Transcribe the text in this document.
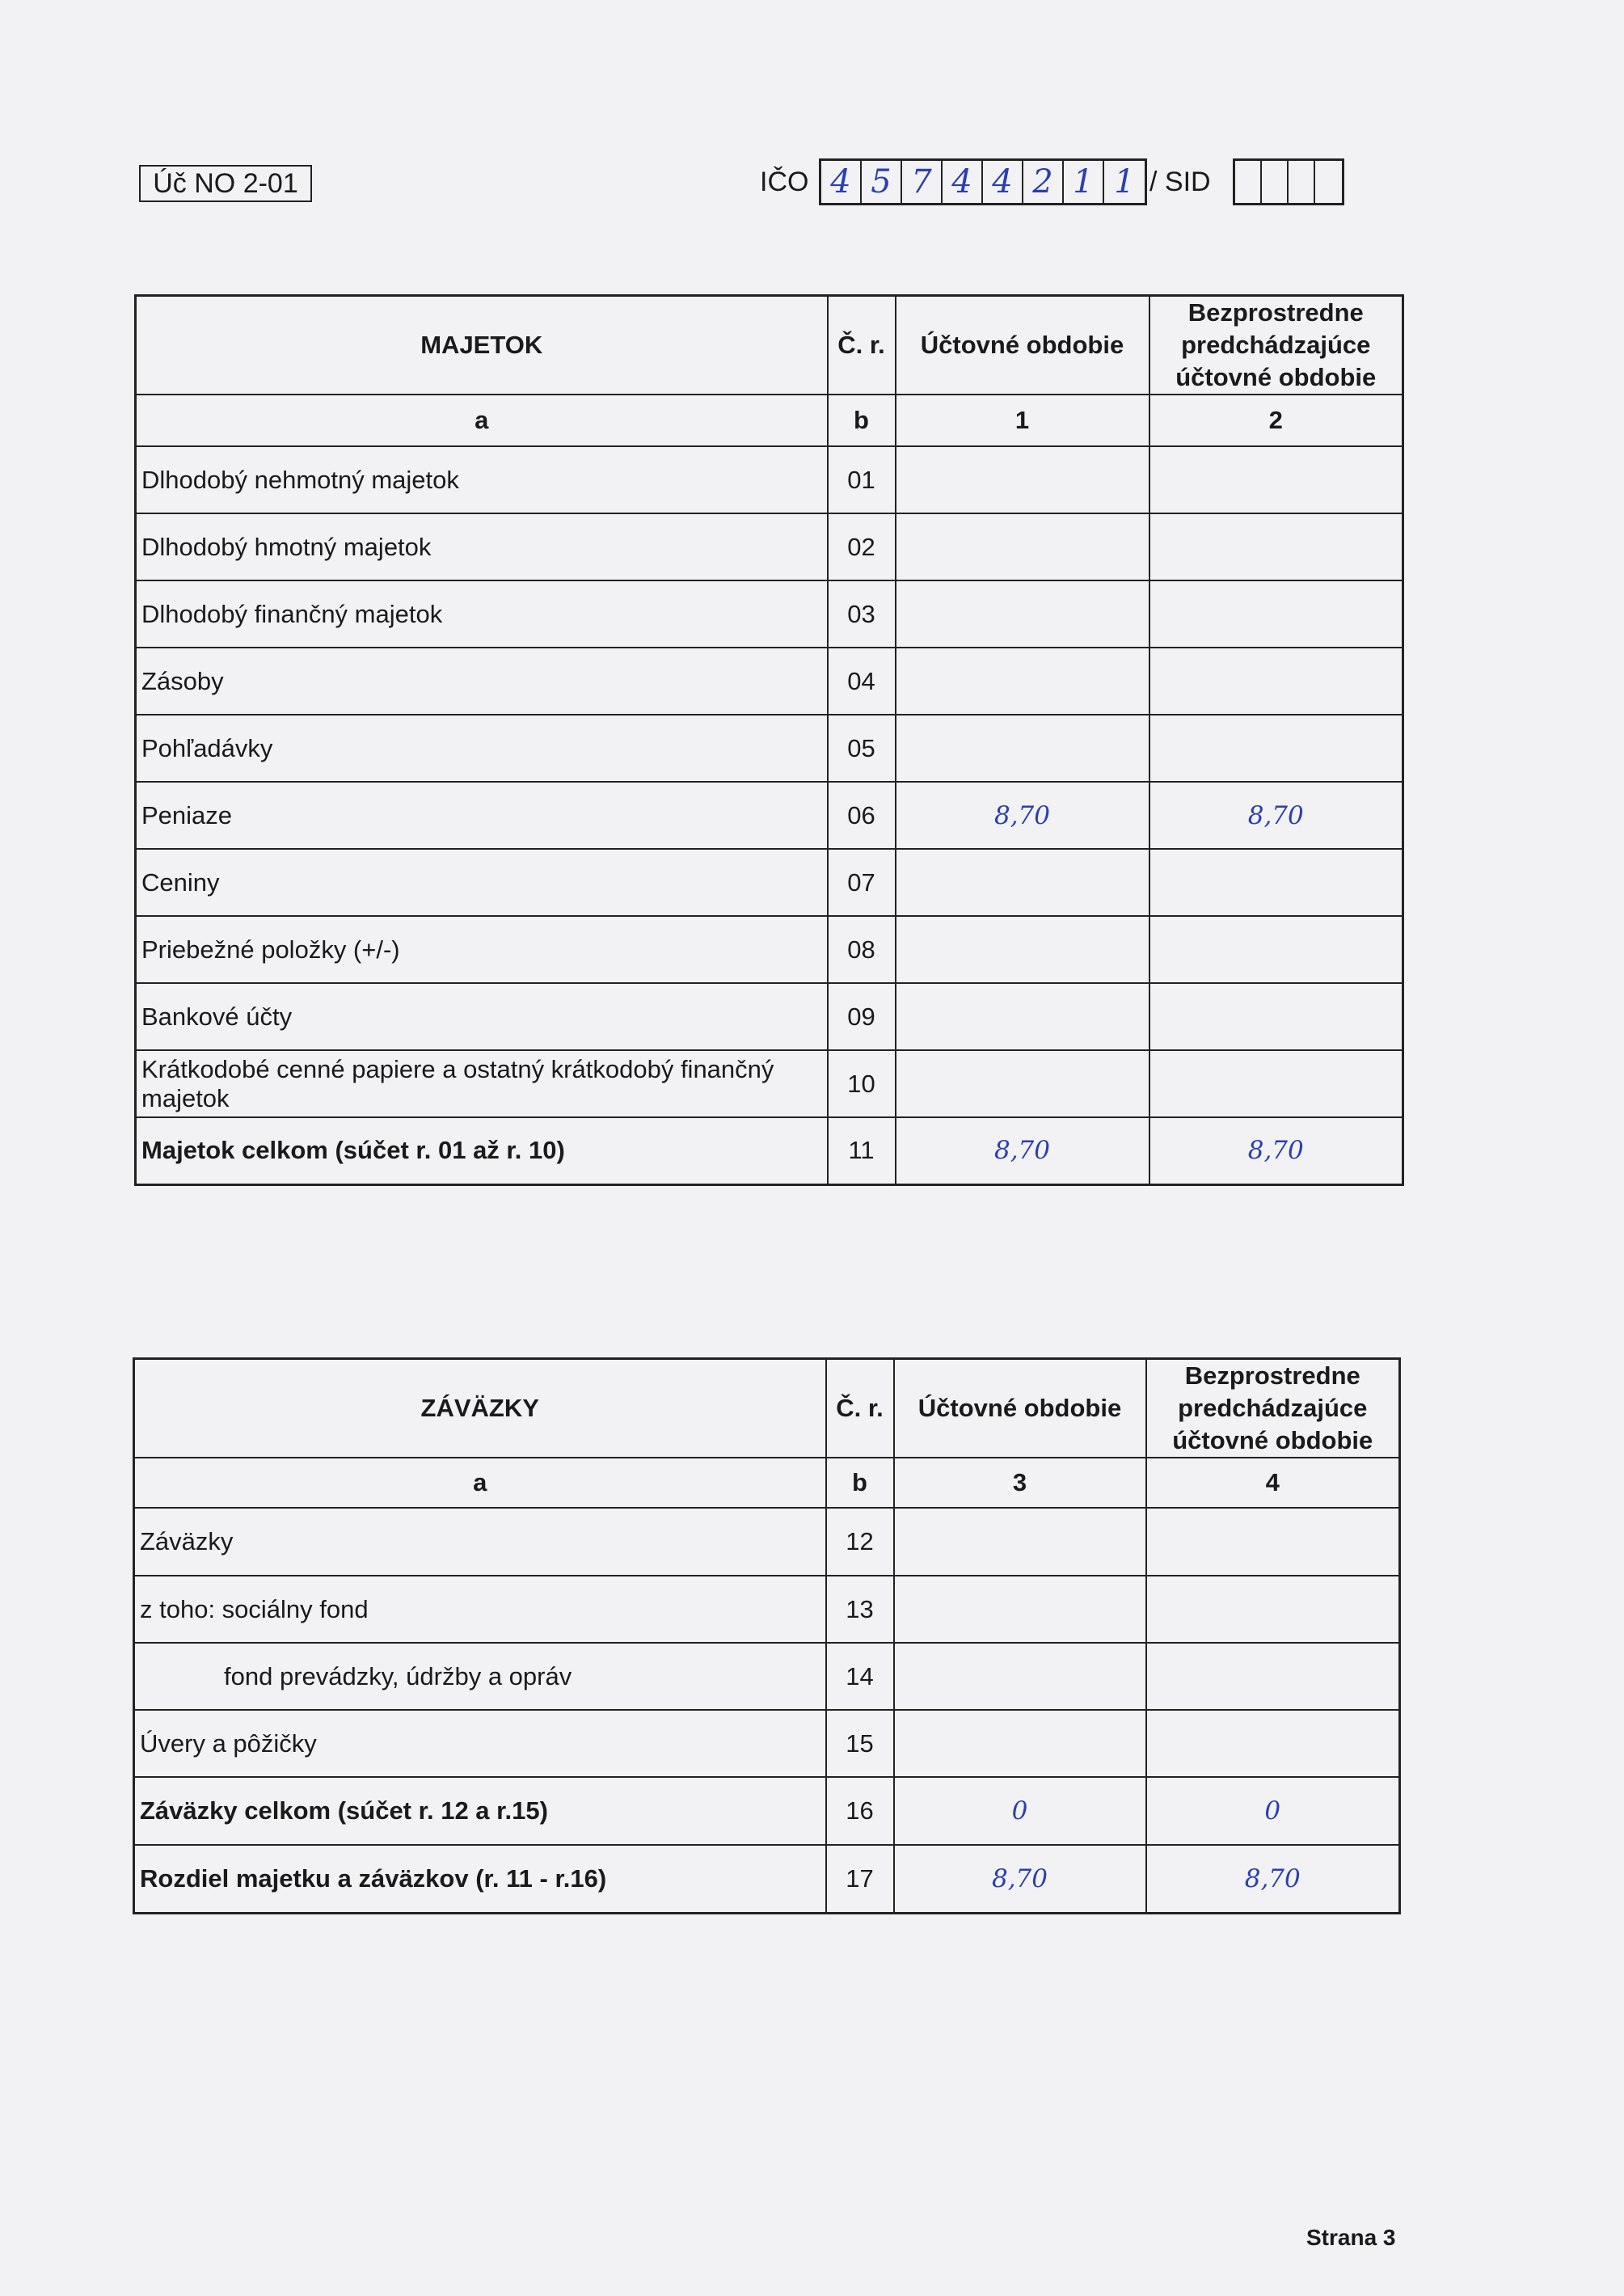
Úč NO 2-01	IČO 4 5 7 4 4 2 1 1 / SID
MAJETOK	Č. r.	Účtovné obdobie	Bezprostredne predchádzajúce účtovné obdobie
a	b	1	2
Dlhodobý nehmotný majetok	01		
Dlhodobý hmotný majetok	02		
Dlhodobý finančný majetok	03		
Zásoby	04		
Pohľadávky	05		
Peniaze	06	8,70	8,70
Ceniny	07		
Priebežné položky (+/-)	08		
Bankové účty	09		
Krátkodobé cenné papiere a ostatný krátkodobý finančný majetok	10		
Majetok celkom (súčet r. 01 až r. 10)	11	8,70	8,70
ZÁVÄZKY	Č. r.	Účtovné obdobie	Bezprostredne predchádzajúce účtovné obdobie
a	b	3	4
Záväzky	12		
z toho: sociálny fond	13		
fond prevádzky, údržby a opráv	14		
Úvery a pôžičky	15		
Záväzky celkom (súčet r. 12 a r.15)	16	0	0
Rozdiel majetku a záväzkov (r. 11 - r.16)	17	8,70	8,70
Strana 3
